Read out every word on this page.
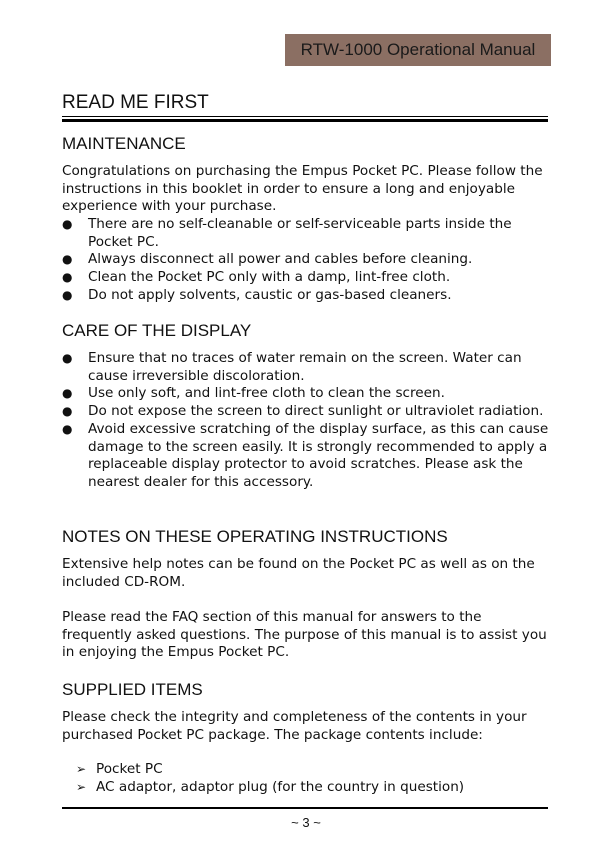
RTW-1000 Operational Manual
READ ME FIRST
MAINTENANCE

Congratulations on purchasing the Empus Pocket PC. Please follow the instructions in this booklet in order to ensure a long and enjoyable experience with your purchase.

● There are no self-cleanable or self-serviceable parts inside the Pocket PC.
● Always disconnect all power and cables before cleaning.
● Clean the Pocket PC only with a damp, lint-free cloth.
● Do not apply solvents, caustic or gas-based cleaners.
CARE OF THE DISPLAY
● Ensure that no traces of water remain on the screen. Water can cause irreversible discoloration.
● Use only soft, and lint-free cloth to clean the screen.
● Do not expose the screen to direct sunlight or ultraviolet radiation.
● Avoid excessive scratching of the display surface, as this can cause damage to the screen easily. It is strongly recommended to apply a replaceable display protector to avoid scratches. Please ask the nearest dealer for this accessory.
NOTES ON THESE OPERATING INSTRUCTIONS

Extensive help notes can be found on the Pocket PC as well as on the included CD-ROM.

Please read the FAQ section of this manual for answers to the frequently asked questions. The purpose of this manual is to assist you in enjoying the Empus Pocket PC.

SUPPLIED ITEMS

Please check the integrity and completeness of the contents in your purchased Pocket PC package. The package contents include:

➢ Pocket PC
➢ AC adaptor, adaptor plug (for the country in question)
~ 3 ~
